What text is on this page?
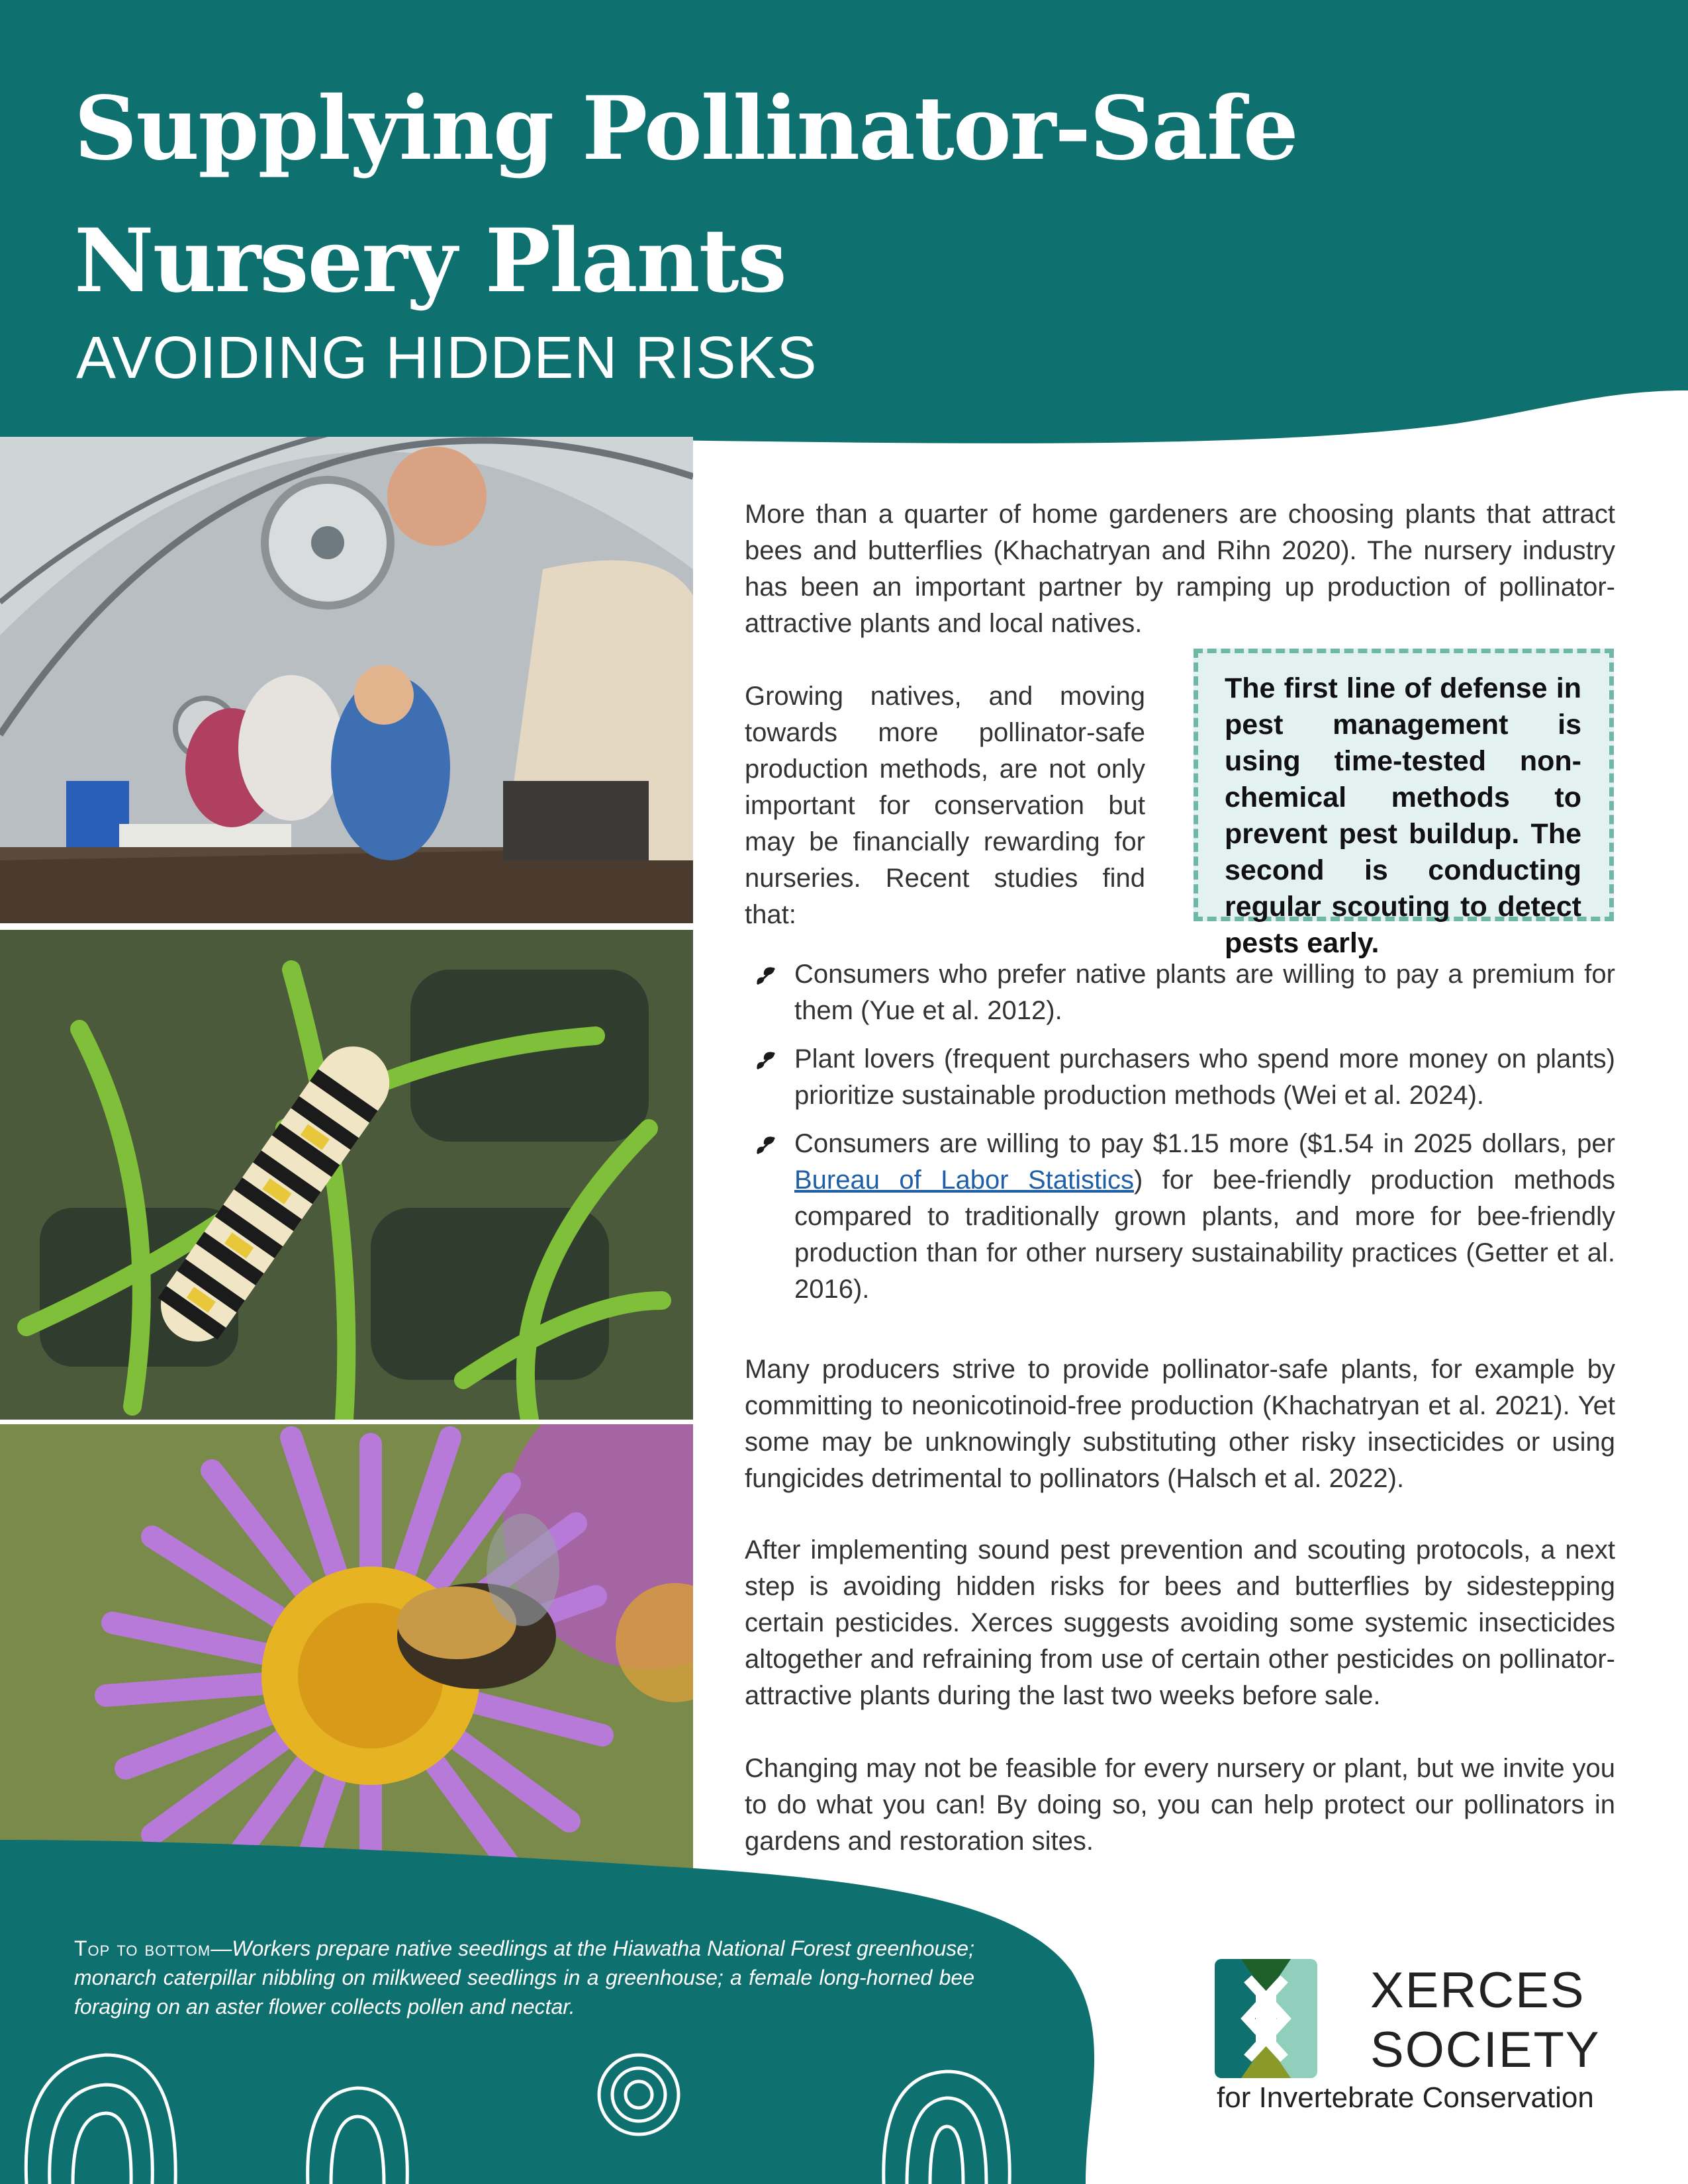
Supplying Pollinator-Safe Nursery Plants
AVOIDING HIDDEN RISKS
More than a quarter of home gardeners are choosing plants that attract bees and butterflies (Khachatryan and Rihn 2020). The nursery industry has been an important partner by ramping up production of pollinator-attractive plants and local natives.
Growing natives, and moving towards more pollinator-safe production methods, are not only important for conservation but may be financially rewarding for nurseries. Recent studies find that:
The first line of defense in pest management is using time-tested non-chemical methods to prevent pest buildup. The second is conducting regular scouting to detect pests early.
Consumers who prefer native plants are willing to pay a premium for them (Yue et al. 2012).
Plant lovers (frequent purchasers who spend more money on plants) prioritize sustainable production methods (Wei et al. 2024).
Consumers are willing to pay $1.15 more ($1.54 in 2025 dollars, per Bureau of Labor Statistics) for bee-friendly production methods compared to traditionally grown plants, and more for bee-friendly production than for other nursery sustainability practices (Getter et al. 2016).
Many producers strive to provide pollinator-safe plants, for example by committing to neonicotinoid-free production (Khachatryan et al. 2021). Yet some may be unknowingly substituting other risky insecticides or using fungicides detrimental to pollinators (Halsch et al. 2022).
After implementing sound pest prevention and scouting protocols, a next step is avoiding hidden risks for bees and butterflies by sidestepping certain pesticides. Xerces suggests avoiding some systemic insecticides altogether and refraining from use of certain other pesticides on pollinator-attractive plants during the last two weeks before sale.
Changing may not be feasible for every nursery or plant, but we invite you to do what you can! By doing so, you can help protect our pollinators in gardens and restoration sites.
Top to bottom—Workers prepare native seedlings at the Hiawatha National Forest greenhouse; monarch caterpillar nibbling on milkweed seedlings in a greenhouse; a female long-horned bee foraging on an aster flower collects pollen and nectar.	XERCES
SOCIETY
for Invertebrate Conservation
